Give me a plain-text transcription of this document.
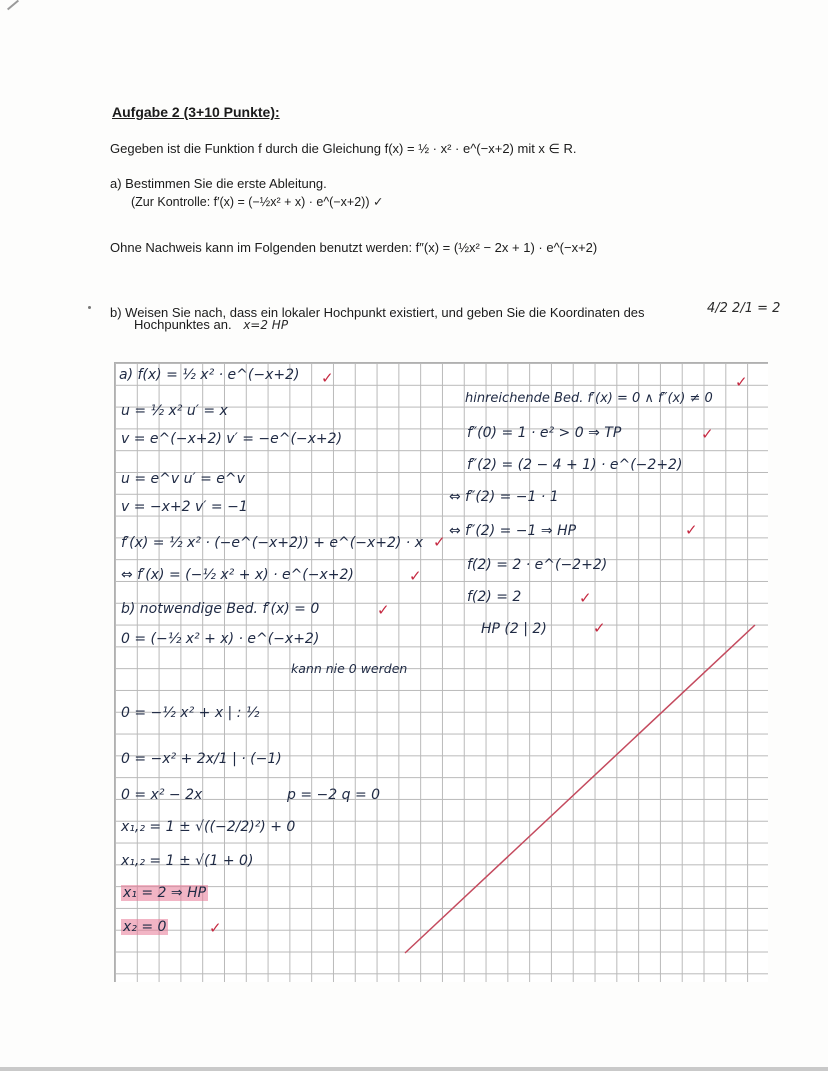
Aufgabe 2 (3+10 Punkte):
Gegeben ist die Funktion f durch die Gleichung f(x) = ½ · x² · e^(−x+2) mit x ∈ R.
a) Bestimmen Sie die erste Ableitung.
(Zur Kontrolle: f′(x) = (−½x² + x) · e^(−x+2)) ✓
Ohne Nachweis kann im Folgenden benutzt werden: f″(x) = (½x² − 2x + 1) · e^(−x+2)
b) Weisen Sie nach, dass ein lokaler Hochpunkt existiert, und geben Sie die Koordinaten des
Hochpunktes an. x=2 HP
4/2 2/1 = 2
a) f(x) = ½ x² · e^(−x+2)
u = ½ x² u′ = x
v = e^(−x+2) v′ = −e^(−x+2)
u = e^v u′ = e^v
v = −x+2 v′ = −1
f′(x) = ½ x² · (−e^(−x+2)) + e^(−x+2) · x
⇔ f′(x) = (−½ x² + x) · e^(−x+2)
b) notwendige Bed. f′(x) = 0
0 = (−½ x² + x) · e^(−x+2)
kann nie 0 werden
0 = −½ x² + x | : ½
0 = −x² + 2x/1 | · (−1)
0 = x² − 2x	p = −2 q = 0
x₁,₂ = 1 ± √((−2/2)²) + 0
x₁,₂ = 1 ± √(1 + 0)
x₁ = 2 ⇒ HP
x₂ = 0
hinreichende Bed. f′(x) = 0 ∧ f″(x) ≠ 0
f″(0) = 1 · e² > 0 ⇒ TP
f″(2) = (2 − 4 + 1) · e^(−2+2)
⇔ f″(2) = −1 · 1
⇔ f″(2) = −1 ⇒ HP
f(2) = 2 · e^(−2+2)
f(2) = 2
HP (2 | 2)
✓
✓
✓
✓
✓
✓
✓
✓
✓
✓
